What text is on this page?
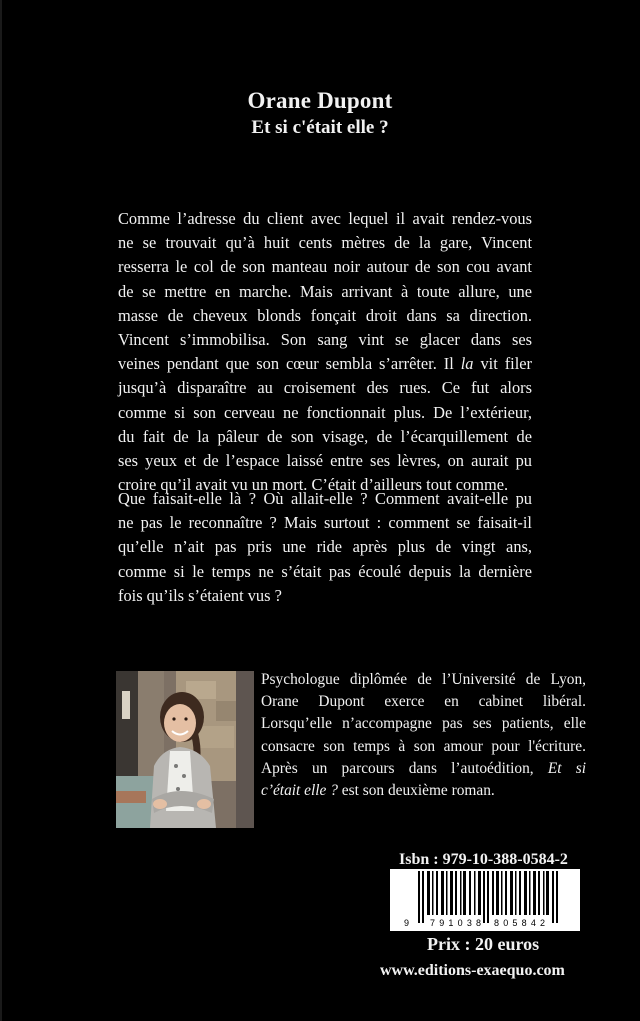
Orane Dupont
Et si c'était elle ?

Comme l’adresse du client avec lequel il avait rendez-vous
ne se trouvait qu’à huit cents mètres de la gare, Vincent
resserra le col de son manteau noir autour de son cou avant
de se mettre en marche. Mais arrivant à toute allure, une
masse de cheveux blonds fonçait droit dans sa direction.
Vincent s’immobilisa. Son sang vint se glacer dans ses
veines pendant que son cœur sembla s’arrêter. Il la vit filer
jusqu’à disparaître au croisement des rues. Ce fut alors
comme si son cerveau ne fonctionnait plus. De l’extérieur,
du fait de la pâleur de son visage, de l’écarquillement de
ses yeux et de l’espace laissé entre ses lèvres, on aurait pu
croire qu’il avait vu un mort. C’était d’ailleurs tout comme.

Que faisait-elle là ? Où allait-elle ? Comment avait-elle pu
ne pas le reconnaître ? Mais surtout : comment se faisait-il
qu’elle n’ait pas pris une ride après plus de vingt ans,
comme si le temps ne s’était pas écoulé depuis la dernière
fois qu’ils s’étaient vus ?

Psychologue diplômée de l’Université de Lyon,
Orane Dupont exerce en cabinet libéral.
Lorsqu’elle n’accompagne pas ses patients, elle
consacre son temps à son amour pour l'écriture.
Après un parcours dans l’autoédition, Et si
c’était elle ? est son deuxième roman.
Isbn : 979-10-388-0584-2
9 791038 805842
Prix : 20 euros
www.editions-exaequo.com
